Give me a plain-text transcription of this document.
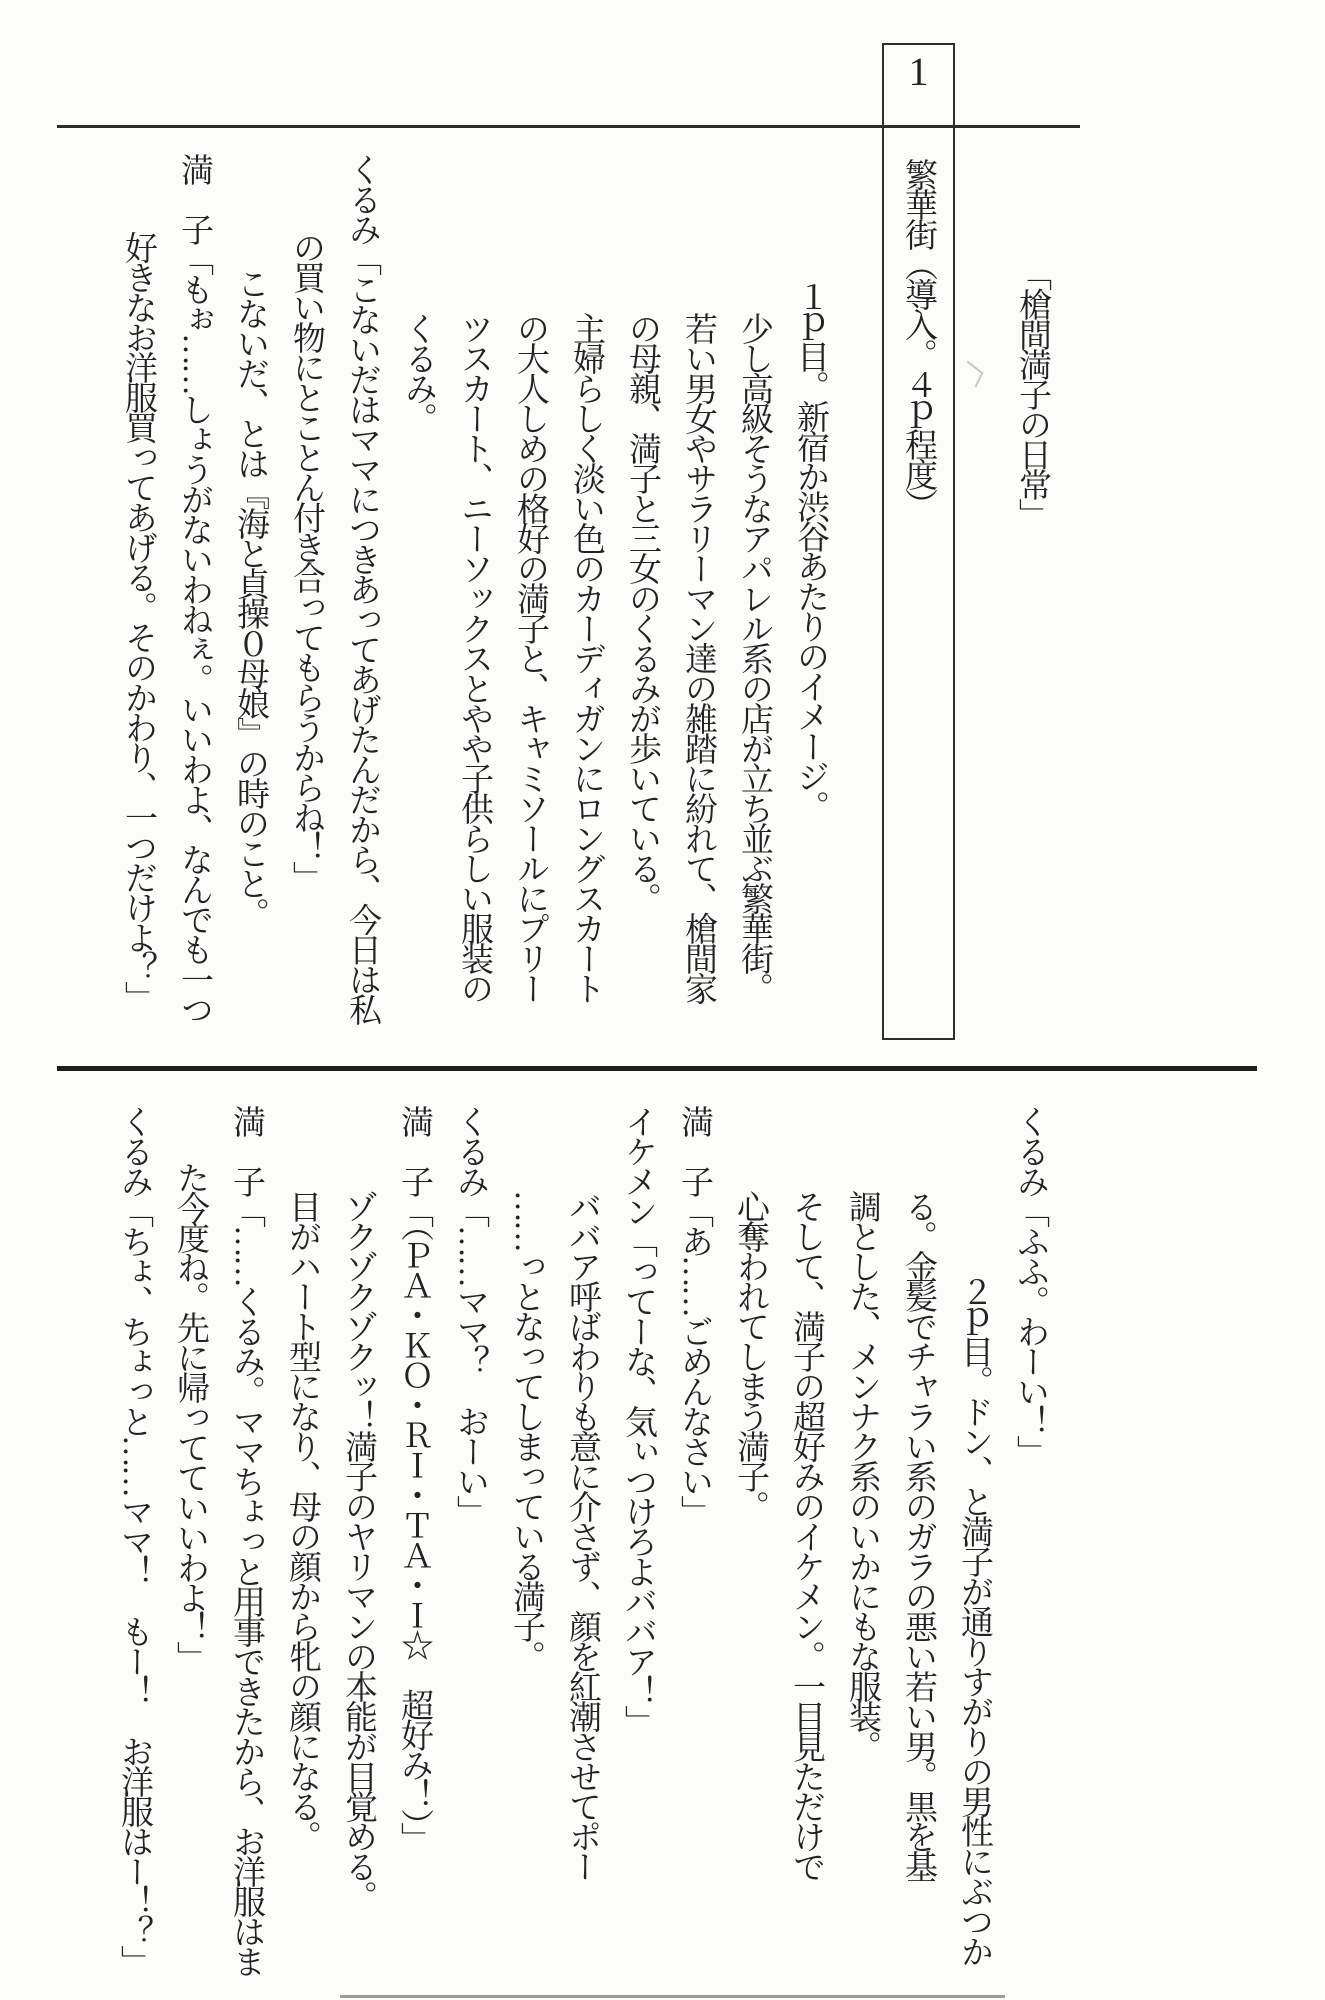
1
「槍間満子の日常」
繁華街（導入。４ｐ程度）
１ｐ目。新宿か渋谷あたりのイメージ。
少し高級そうなアパレル系の店が立ち並ぶ繁華街。
若い男女やサラリーマン達の雑踏に紛れて、槍間家
の母親、満子と三女のくるみが歩いている。
主婦らしく淡い色のカーディガンにロングスカート
の大人しめの格好の満子と、キャミソールにプリー
ツスカート、ニーソックスとやや子供らしい服装の
くるみ。
くるみ「こないだはママにつきあってあげたんだから、今日は私
の買い物にとことん付き合ってもらうからね！」
こないだ、とは『海と貞操０母娘』の時のこと。
満　子「もぉ……しょうがないわねぇ。いいわよ、なんでも一つ
好きなお洋服買ってあげる。そのかわり、一つだけよ？」
くるみ「ふふ。わーい！」
２ｐ目。ドン、と満子が通りすがりの男性にぶつか
る。金髪でチャラい系のガラの悪い若い男。黒を基
調とした、メンナク系のいかにもな服装。
そして、満子の超好みのイケメン。一目見ただけで
心奪われてしまう満子。
満　子「あ……ごめんなさい」
イケメン「ってーな、気ぃつけろよババア！」
ババア呼ばわりも意に介さず、顔を紅潮させてポー
……っとなってしまっている満子。
くるみ「……ママ？　おーい」
満　子「（ＰＡ・ＫＯ・ＲＩ・ＴＡ・Ｉ☆　超好み！）」
ゾクゾクゾクッ！満子のヤリマンの本能が目覚める。
目がハート型になり、母の顔から牝の顔になる。
満　子「……くるみ。ママちょっと用事できたから、お洋服はま
た今度ね。先に帰ってていいわよ！」
くるみ「ちょ、ちょっと……ママ！　もー！　お洋服はー！？」
